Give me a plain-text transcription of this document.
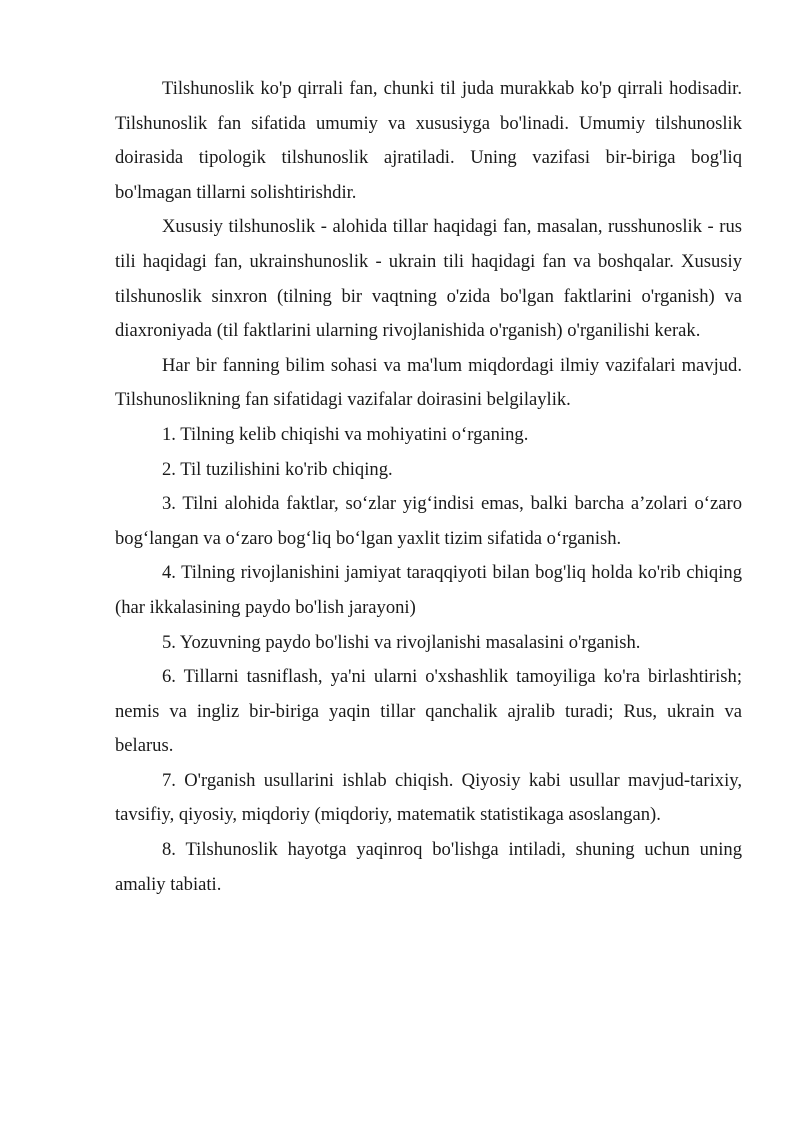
Tilshunoslik ko'p qirrali fan, chunki til juda murakkab ko'p qirrali hodisadir. Tilshunoslik fan sifatida umumiy va xususiyga bo'linadi. Umumiy tilshunoslik doirasida tipologik tilshunoslik ajratiladi. Uning vazifasi bir-biriga bog'liq bo'lmagan tillarni solishtirishdir.

Xususiy tilshunoslik - alohida tillar haqidagi fan, masalan, russhunoslik - rus tili haqidagi fan, ukrainshunoslik - ukrain tili haqidagi fan va boshqalar. Xususiy tilshunoslik sinxron (tilning bir vaqtning o'zida bo'lgan faktlarini o'rganish) va diaxroniyada (til faktlarini ularning rivojlanishida o'rganish) o'rganilishi kerak.

Har bir fanning bilim sohasi va ma'lum miqdordagi ilmiy vazifalari mavjud. Tilshunoslikning fan sifatidagi vazifalar doirasini belgilaylik.

1. Tilning kelib chiqishi va mohiyatini o‘rganing.

2. Til tuzilishini ko'rib chiqing.

3. Tilni alohida faktlar, so‘zlar yig‘indisi emas, balki barcha a’zolari o‘zaro bog‘langan va o‘zaro bog‘liq bo‘lgan yaxlit tizim sifatida o‘rganish.

4. Tilning rivojlanishini jamiyat taraqqiyoti bilan bog'liq holda ko'rib chiqing (har ikkalasining paydo bo'lish jarayoni)

5. Yozuvning paydo bo'lishi va rivojlanishi masalasini o'rganish.

6. Tillarni tasniflash, ya'ni ularni o'xshashlik tamoyiliga ko'ra birlashtirish; nemis va ingliz bir-biriga yaqin tillar qanchalik ajralib turadi; Rus, ukrain va belarus.

7. O'rganish usullarini ishlab chiqish. Qiyosiy kabi usullar mavjud-tarixiy, tavsifiy, qiyosiy, miqdoriy (miqdoriy, matematik statistikaga asoslangan).

8. Tilshunoslik hayotga yaqinroq bo'lishga intiladi, shuning uchun uning amaliy tabiati.
